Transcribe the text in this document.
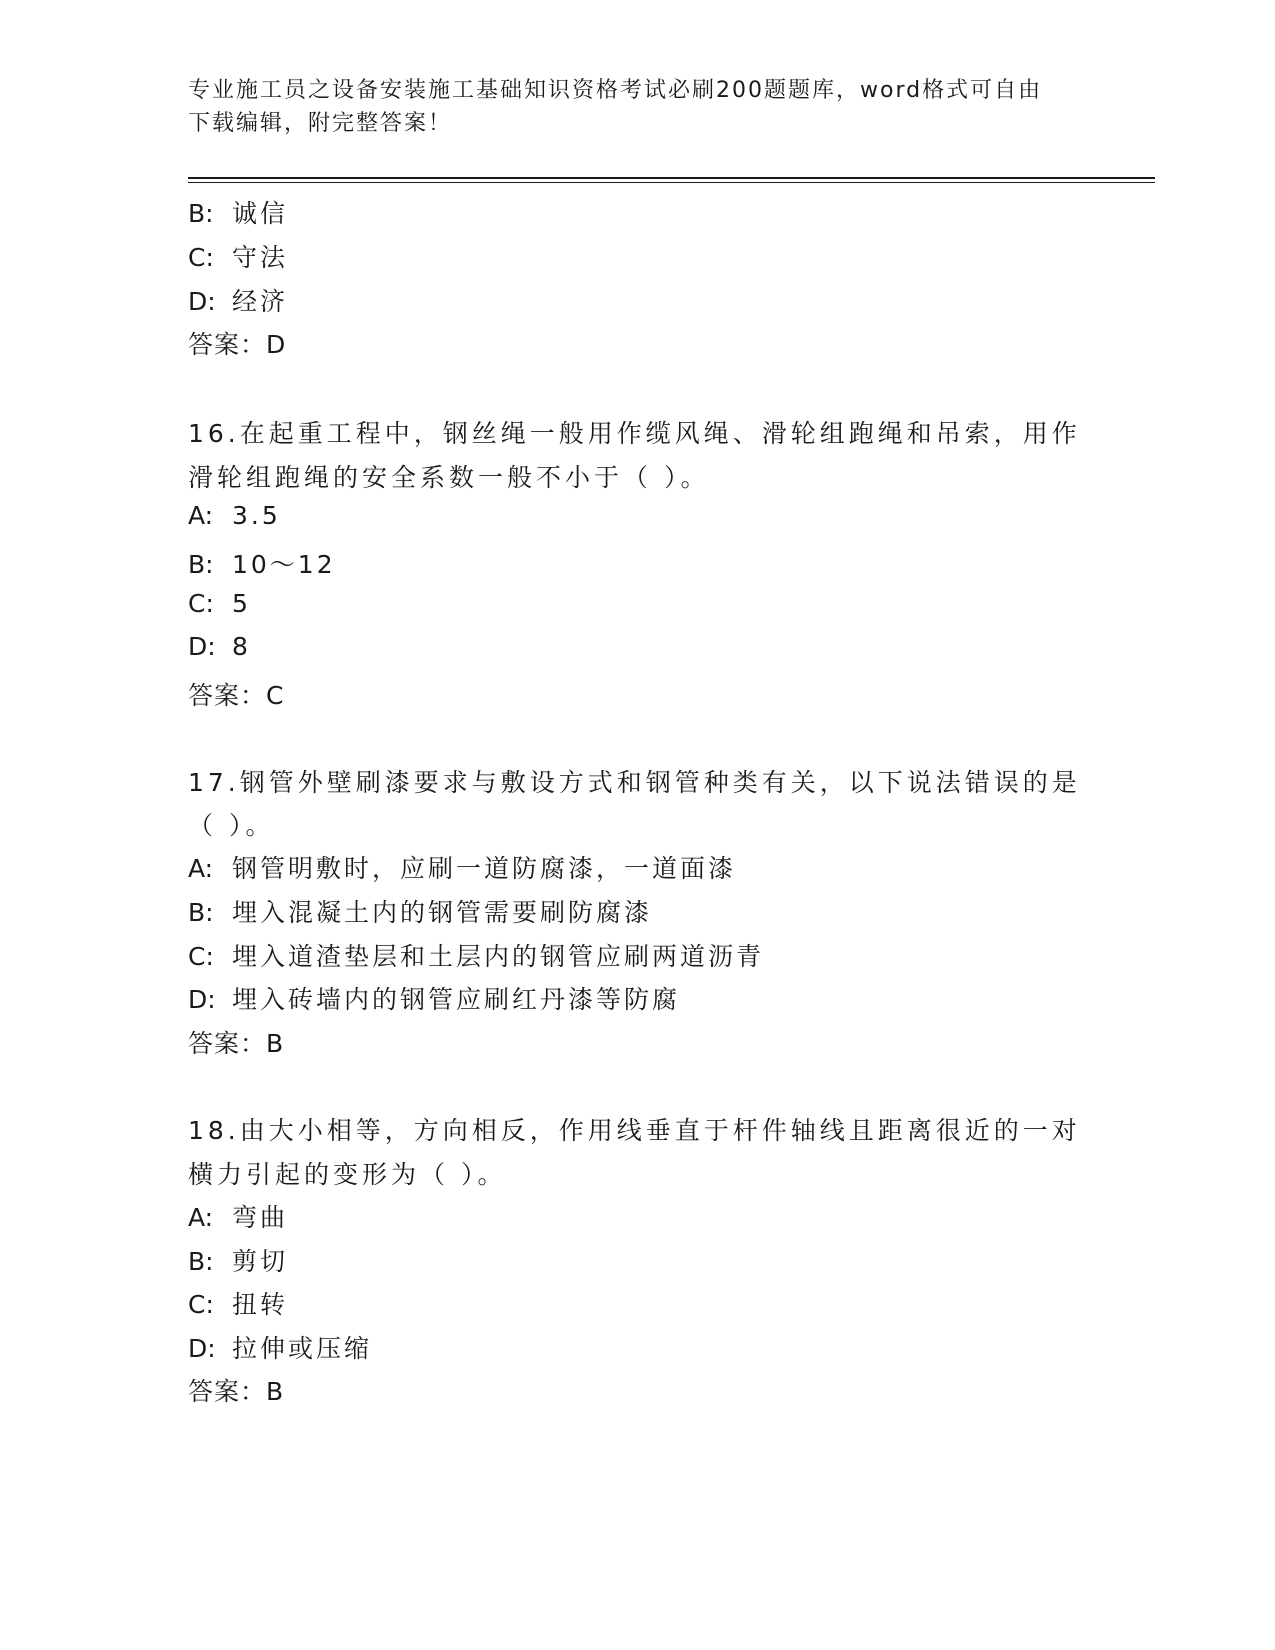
专业施工员之设备安装施工基础知识资格考试必刷200题题库，word格式可自由
下载编辑，附完整答案！
B: 诚信
C: 守法
D: 经济
答案：D
16.在起重工程中，钢丝绳一般用作缆风绳、滑轮组跑绳和吊索，用作
滑轮组跑绳的安全系数一般不小于（ ）。
A: 3.5
B: 10～12
C: 5
D: 8
答案：C
17.钢管外壁刷漆要求与敷设方式和钢管种类有关，以下说法错误的是
（ ）。
A: 钢管明敷时，应刷一道防腐漆，一道面漆
B: 埋入混凝土内的钢管需要刷防腐漆
C: 埋入道渣垫层和土层内的钢管应刷两道沥青
D: 埋入砖墙内的钢管应刷红丹漆等防腐
答案：B
18.由大小相等，方向相反，作用线垂直于杆件轴线且距离很近的一对
横力引起的变形为（ ）。
A: 弯曲
B: 剪切
C: 扭转
D: 拉伸或压缩
答案：B
